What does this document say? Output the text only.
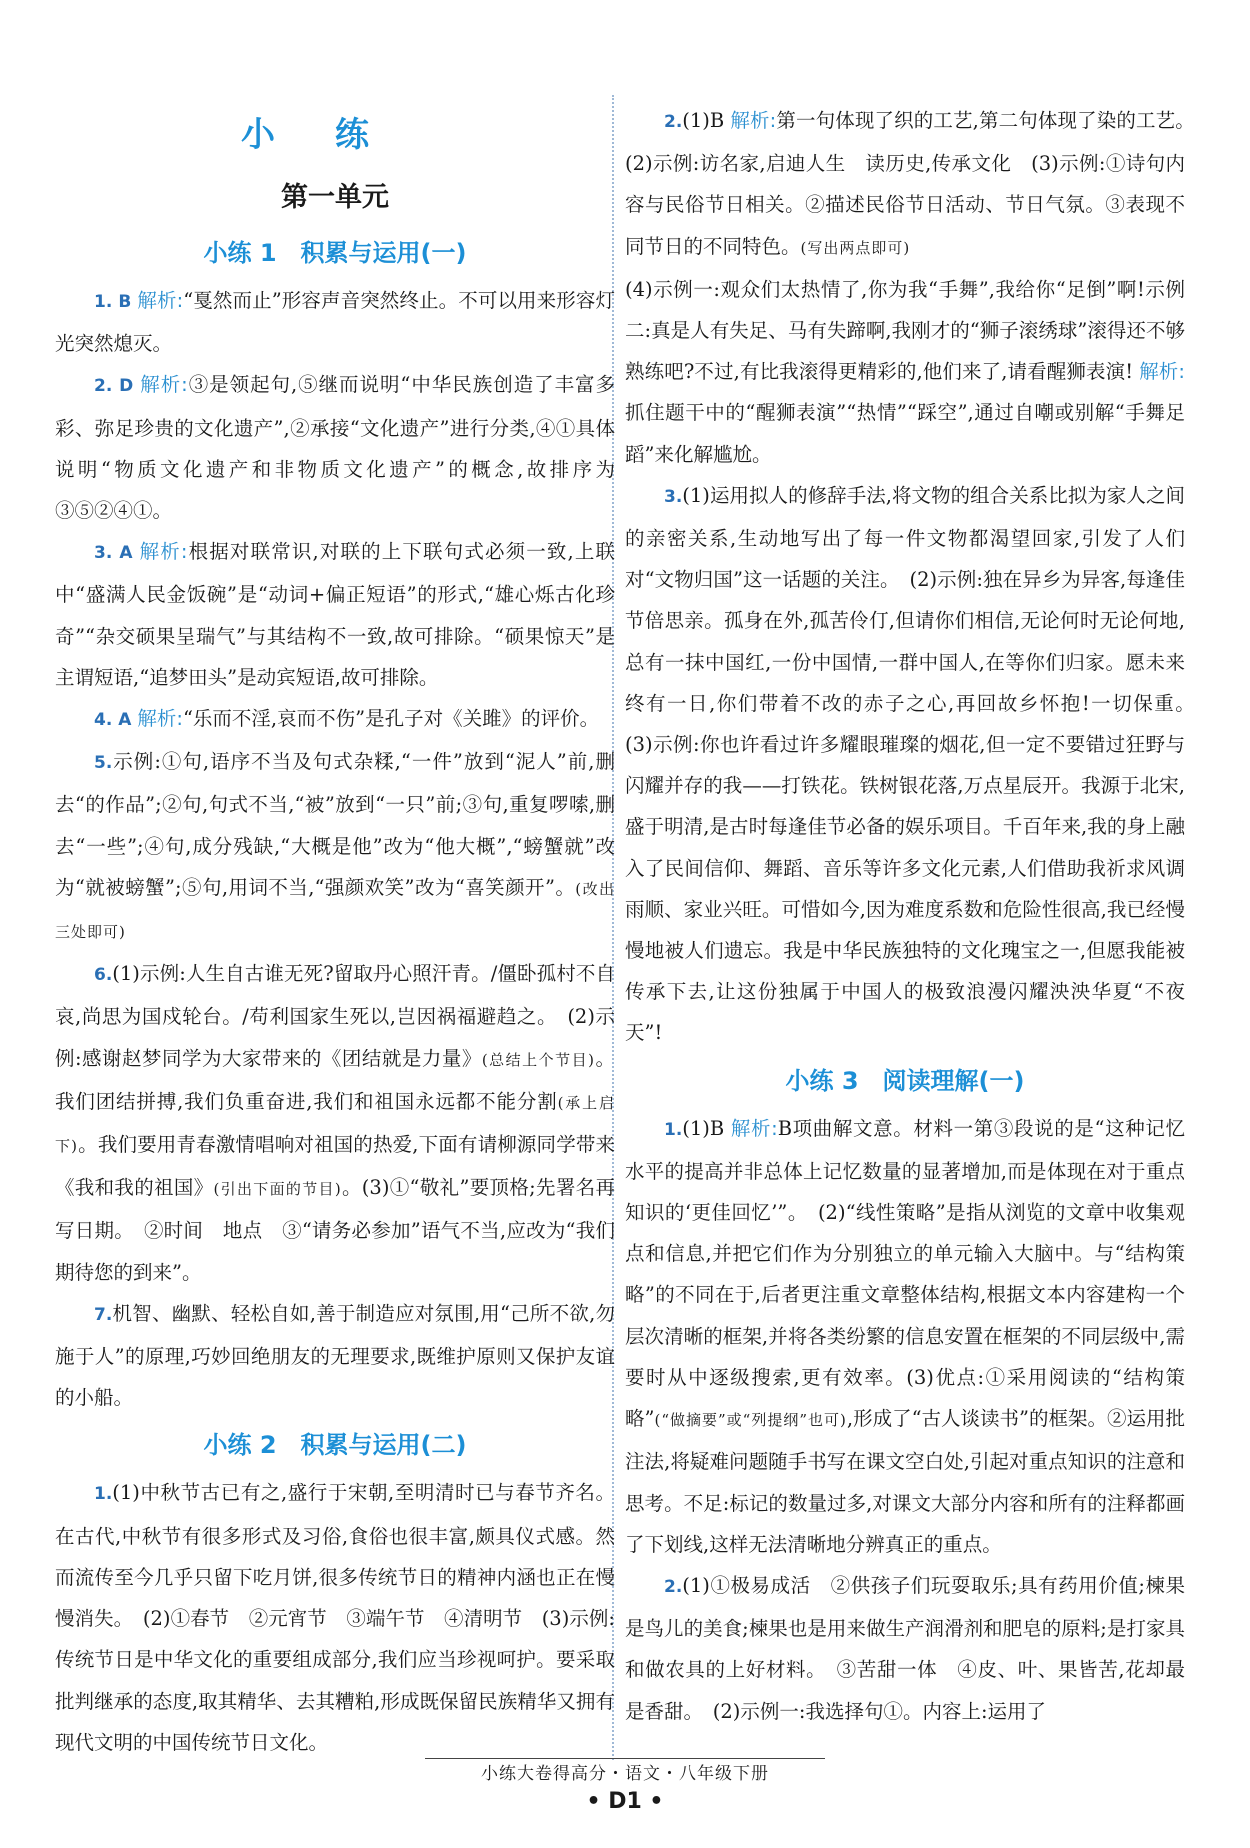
小练
第一单元
小练 1　积累与运用(一)

1. B 解析:“戛然而止”形容声音突然终止。不可以用来形容灯光突然熄灭。

2. D 解析:③是领起句,⑤继而说明“中华民族创造了丰富多彩、弥足珍贵的文化遗产”,②承接“文化遗产”进行分类,④①具体说明“物质文化遗产和非物质文化遗产”的概念,故排序为③⑤②④①。

3. A 解析:根据对联常识,对联的上下联句式必须一致,上联中“盛满人民金饭碗”是“动词+偏正短语”的形式,“雄心烁古化珍奇”“杂交硕果呈瑞气”与其结构不一致,故可排除。“硕果惊天”是主谓短语,“追梦田头”是动宾短语,故可排除。

4. A 解析:“乐而不淫,哀而不伤”是孔子对《关雎》的评价。

5.示例:①句,语序不当及句式杂糅,“一件”放到“泥人”前,删去“的作品”;②句,句式不当,“被”放到“一只”前;③句,重复啰嗦,删去“一些”;④句,成分残缺,“大概是他”改为“他大概”,“螃蟹就”改为“就被螃蟹”;⑤句,用词不当,“强颜欢笑”改为“喜笑颜开”。(改出三处即可)

6.(1)示例:人生自古谁无死?留取丹心照汗青。/僵卧孤村不自哀,尚思为国戍轮台。/苟利国家生死以,岂因祸福避趋之。　(2)示例:感谢赵梦同学为大家带来的《团结就是力量》(总结上个节目)。我们团结拼搏,我们负重奋进,我们和祖国永远都不能分割(承上启下)。我们要用青春激情唱响对祖国的热爱,下面有请柳源同学带来《我和我的祖国》(引出下面的节目)。(3)①“敬礼”要顶格;先署名再写日期。　②时间　地点　③“请务必参加”语气不当,应改为“我们期待您的到来”。

7.机智、幽默、轻松自如,善于制造应对氛围,用“己所不欲,勿施于人”的原理,巧妙回绝朋友的无理要求,既维护原则又保护友谊的小船。

小练 2　积累与运用(二)

1.(1)中秋节古已有之,盛行于宋朝,至明清时已与春节齐名。在古代,中秋节有很多形式及习俗,食俗也很丰富,颇具仪式感。然而流传至今几乎只留下吃月饼,很多传统节日的精神内涵也正在慢慢消失。　(2)①春节　②元宵节　③端午节　④清明节　(3)示例:传统节日是中华文化的重要组成部分,我们应当珍视呵护。要采取批判继承的态度,取其精华、去其糟粕,形成既保留民族精华又拥有现代文明的中国传统节日文化。

2.(1)B 解析:第一句体现了织的工艺,第二句体现了染的工艺。　(2)示例:访名家,启迪人生　读历史,传承文化　(3)示例:①诗句内容与民俗节日相关。②描述民俗节日活动、节日气氛。③表现不同节日的不同特色。(写出两点即可)

(4)示例一:观众们太热情了,你为我“手舞”,我给你“足倒”啊!示例二:真是人有失足、马有失蹄啊,我刚才的“狮子滚绣球”滚得还不够熟练吧?不过,有比我滚得更精彩的,他们来了,请看醒狮表演! 解析:抓住题干中的“醒狮表演”“热情”“踩空”,通过自嘲或别解“手舞足蹈”来化解尴尬。

3.(1)运用拟人的修辞手法,将文物的组合关系比拟为家人之间的亲密关系,生动地写出了每一件文物都渴望回家,引发了人们对“文物归国”这一话题的关注。　(2)示例:独在异乡为异客,每逢佳节倍思亲。孤身在外,孤苦伶仃,但请你们相信,无论何时无论何地,总有一抹中国红,一份中国情,一群中国人,在等你们归家。愿未来终有一日,你们带着不改的赤子之心,再回故乡怀抱!一切保重。　(3)示例:你也许看过许多耀眼璀璨的烟花,但一定不要错过狂野与闪耀并存的我——打铁花。铁树银花落,万点星辰开。我源于北宋,盛于明清,是古时每逢佳节必备的娱乐项目。千百年来,我的身上融入了民间信仰、舞蹈、音乐等许多文化元素,人们借助我祈求风调雨顺、家业兴旺。可惜如今,因为难度系数和危险性很高,我已经慢慢地被人们遗忘。我是中华民族独特的文化瑰宝之一,但愿我能被传承下去,让这份独属于中国人的极致浪漫闪耀泱泱华夏“不夜天”!

小练 3　阅读理解(一)

1.(1)B 解析:B项曲解文意。材料一第③段说的是“这种记忆水平的提高并非总体上记忆数量的显著增加,而是体现在对于重点知识的‘更佳回忆’”。　(2)“线性策略”是指从浏览的文章中收集观点和信息,并把它们作为分别独立的单元输入大脑中。与“结构策略”的不同在于,后者更注重文章整体结构,根据文本内容建构一个层次清晰的框架,并将各类纷繁的信息安置在框架的不同层级中,需要时从中逐级搜索,更有效率。(3)优点:①采用阅读的“结构策略”(“做摘要”或“列提纲”也可),形成了“古人谈读书”的框架。②运用批注法,将疑难问题随手书写在课文空白处,引起对重点知识的注意和思考。不足:标记的数量过多,对课文大部分内容和所有的注释都画了下划线,这样无法清晰地分辨真正的重点。

2.(1)①极易成活　②供孩子们玩耍取乐;具有药用价值;楝果是鸟儿的美食;楝果也是用来做生产润滑剂和肥皂的原料;是打家具和做农具的上好材料。　③苦甜一体　④皮、叶、果皆苦,花却最是香甜。　(2)示例一:我选择句①。内容上:运用了

小练大卷得高分・语文・八年级下册
• D1 •
